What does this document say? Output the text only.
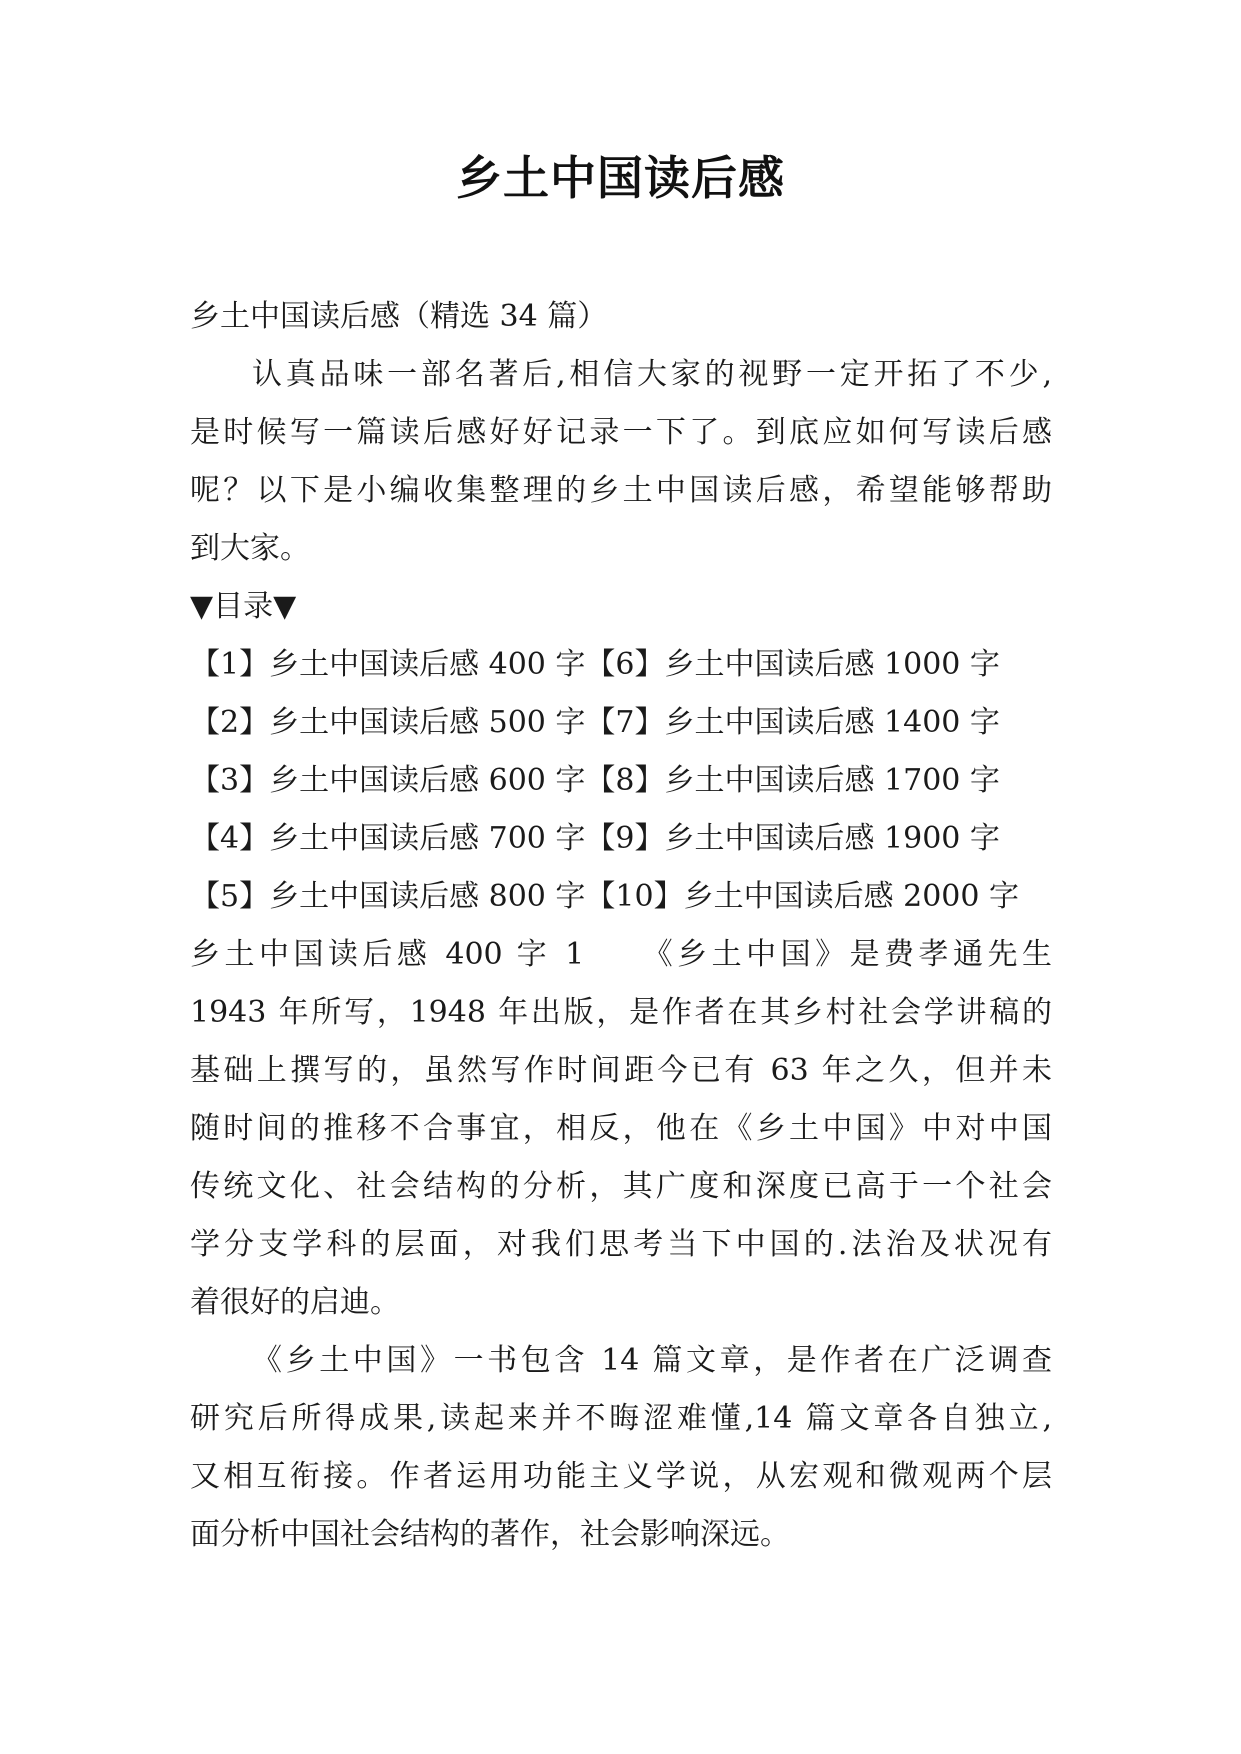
乡土中国读后感
乡土中国读后感（精选 34 篇）
认真品味一部名著后,相信大家的视野一定开拓了不少,
是时候写一篇读后感好好记录一下了。到底应如何写读后感
呢？以下是小编收集整理的乡土中国读后感，希望能够帮助
到大家。
▼目录▼
【1】乡土中国读后感 400 字【6】乡土中国读后感 1000 字
【2】乡土中国读后感 500 字【7】乡土中国读后感 1400 字
【3】乡土中国读后感 600 字【8】乡土中国读后感 1700 字
【4】乡土中国读后感 700 字【9】乡土中国读后感 1900 字
【5】乡土中国读后感 800 字【10】乡土中国读后感 2000 字
乡土中国读后感 400 字 1　　《乡土中国》是费孝通先生
1943 年所写，1948 年出版，是作者在其乡村社会学讲稿的
基础上撰写的，虽然写作时间距今已有 63 年之久，但并未
随时间的推移不合事宜，相反，他在《乡土中国》中对中国
传统文化、社会结构的分析，其广度和深度已高于一个社会
学分支学科的层面，对我们思考当下中国的.法治及状况有
着很好的启迪。
《乡土中国》一书包含 14 篇文章，是作者在广泛调查
研究后所得成果,读起来并不晦涩难懂,14 篇文章各自独立,
又相互衔接。作者运用功能主义学说，从宏观和微观两个层
面分析中国社会结构的著作，社会影响深远。
